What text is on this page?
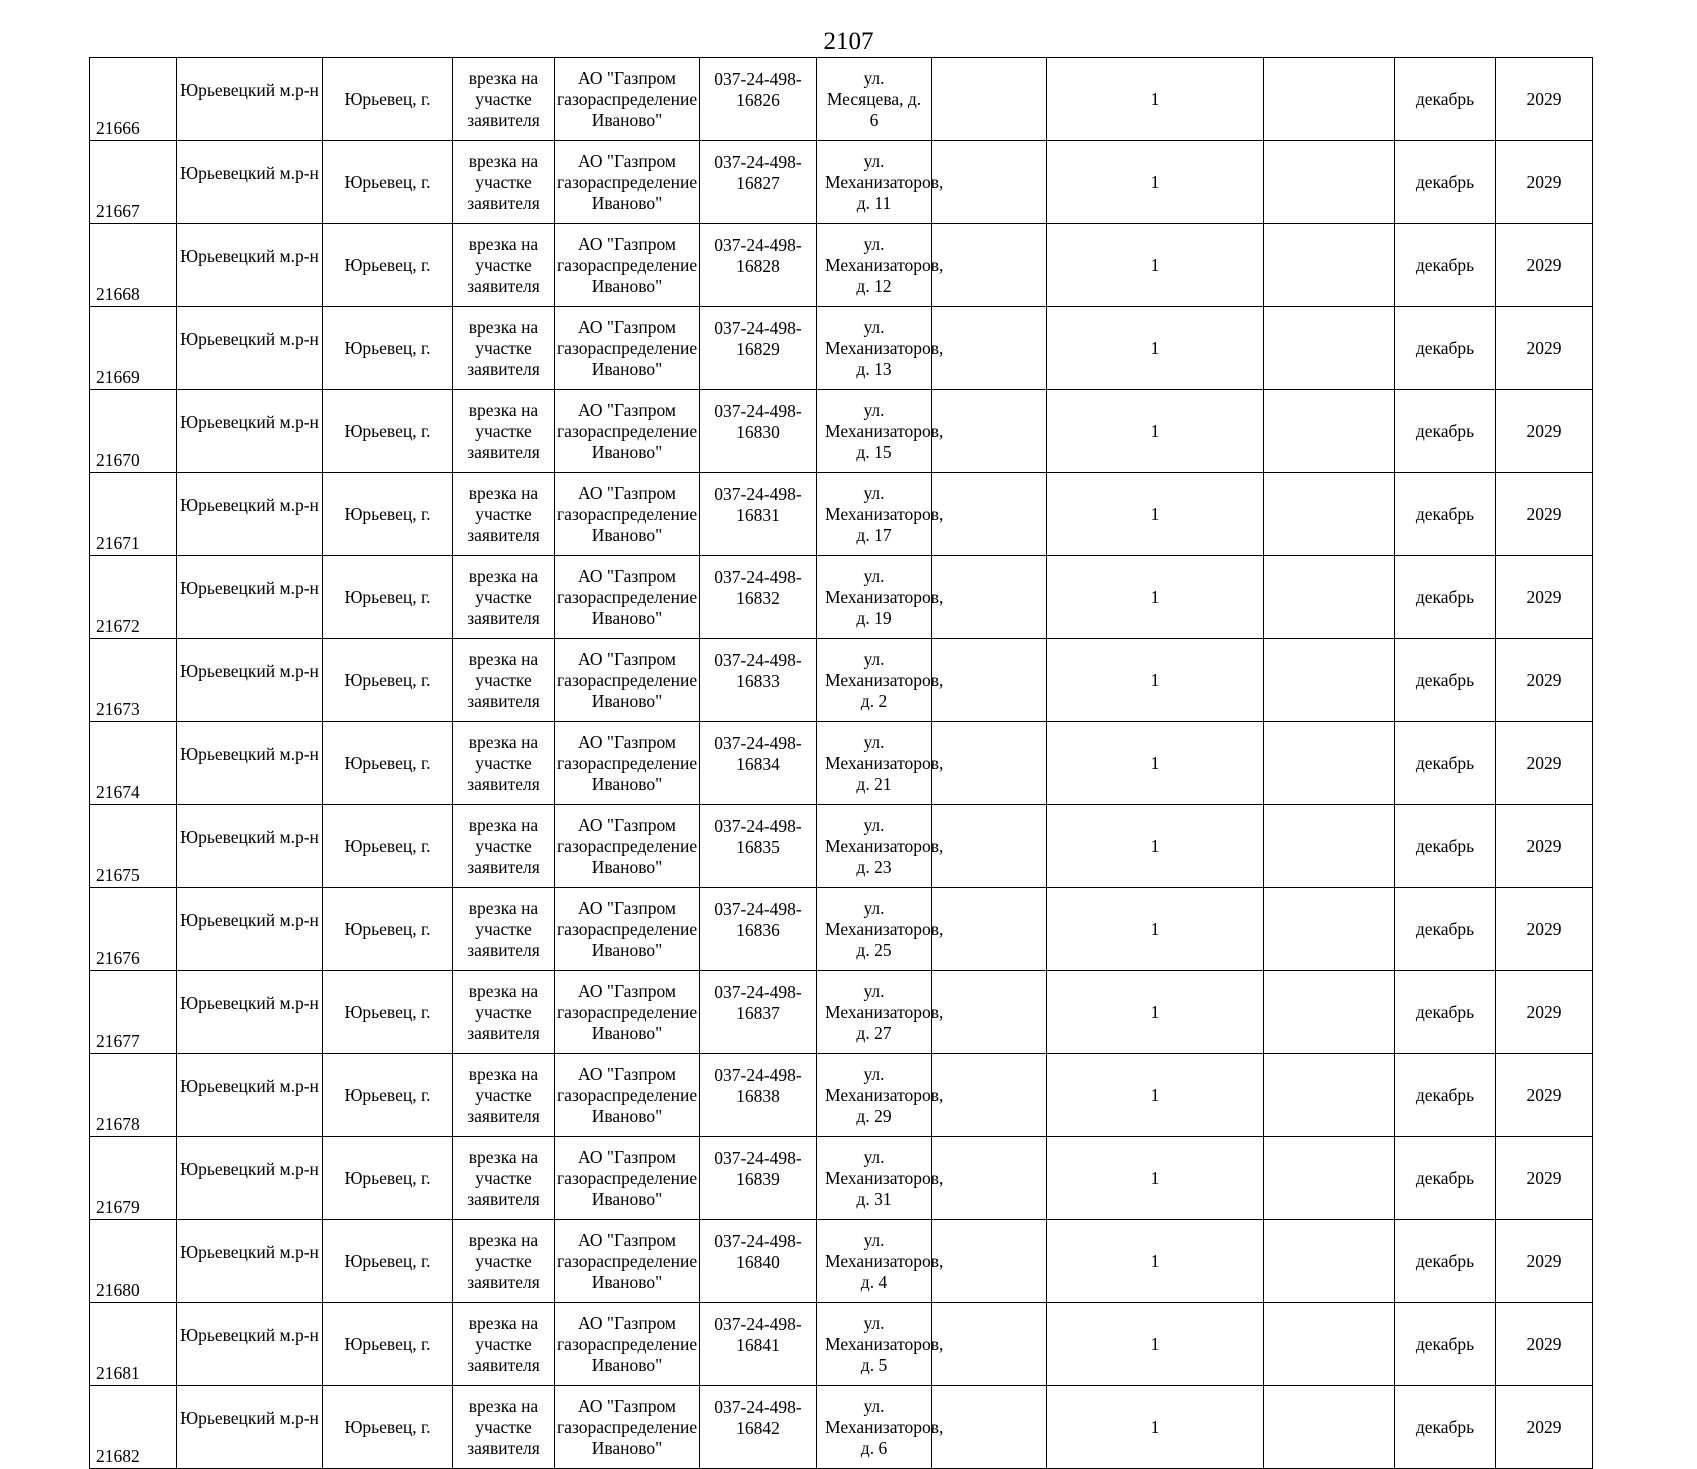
2107
21666	Юрьевецкий м.р-н	Юрьевец, г.	врезка на участке заявителя	АО "Газпром газораспределение Иваново"	037-24-498-16826	ул. Месяцева, д. 6		1		декабрь	2029

21667	Юрьевецкий м.р-н	Юрьевец, г.	врезка на участке заявителя	АО "Газпром газораспределение Иваново"	037-24-498-16827	ул. Механизаторов, д. 11		1		декабрь	2029

21668	Юрьевецкий м.р-н	Юрьевец, г.	врезка на участке заявителя	АО "Газпром газораспределение Иваново"	037-24-498-16828	ул. Механизаторов, д. 12		1		декабрь	2029

21669	Юрьевецкий м.р-н	Юрьевец, г.	врезка на участке заявителя	АО "Газпром газораспределение Иваново"	037-24-498-16829	ул. Механизаторов, д. 13		1		декабрь	2029

21670	Юрьевецкий м.р-н	Юрьевец, г.	врезка на участке заявителя	АО "Газпром газораспределение Иваново"	037-24-498-16830	ул. Механизаторов, д. 15		1		декабрь	2029

21671	Юрьевецкий м.р-н	Юрьевец, г.	врезка на участке заявителя	АО "Газпром газораспределение Иваново"	037-24-498-16831	ул. Механизаторов, д. 17		1		декабрь	2029

21672	Юрьевецкий м.р-н	Юрьевец, г.	врезка на участке заявителя	АО "Газпром газораспределение Иваново"	037-24-498-16832	ул. Механизаторов, д. 19		1		декабрь	2029

21673	Юрьевецкий м.р-н	Юрьевец, г.	врезка на участке заявителя	АО "Газпром газораспределение Иваново"	037-24-498-16833	ул. Механизаторов, д. 2		1		декабрь	2029

21674	Юрьевецкий м.р-н	Юрьевец, г.	врезка на участке заявителя	АО "Газпром газораспределение Иваново"	037-24-498-16834	ул. Механизаторов, д. 21		1		декабрь	2029

21675	Юрьевецкий м.р-н	Юрьевец, г.	врезка на участке заявителя	АО "Газпром газораспределение Иваново"	037-24-498-16835	ул. Механизаторов, д. 23		1		декабрь	2029

21676	Юрьевецкий м.р-н	Юрьевец, г.	врезка на участке заявителя	АО "Газпром газораспределение Иваново"	037-24-498-16836	ул. Механизаторов, д. 25		1		декабрь	2029

21677	Юрьевецкий м.р-н	Юрьевец, г.	врезка на участке заявителя	АО "Газпром газораспределение Иваново"	037-24-498-16837	ул. Механизаторов, д. 27		1		декабрь	2029

21678	Юрьевецкий м.р-н	Юрьевец, г.	врезка на участке заявителя	АО "Газпром газораспределение Иваново"	037-24-498-16838	ул. Механизаторов, д. 29		1		декабрь	2029

21679	Юрьевецкий м.р-н	Юрьевец, г.	врезка на участке заявителя	АО "Газпром газораспределение Иваново"	037-24-498-16839	ул. Механизаторов, д. 31		1		декабрь	2029

21680	Юрьевецкий м.р-н	Юрьевец, г.	врезка на участке заявителя	АО "Газпром газораспределение Иваново"	037-24-498-16840	ул. Механизаторов, д. 4		1		декабрь	2029

21681	Юрьевецкий м.р-н	Юрьевец, г.	врезка на участке заявителя	АО "Газпром газораспределение Иваново"	037-24-498-16841	ул. Механизаторов, д. 5		1		декабрь	2029

21682	Юрьевецкий м.р-н	Юрьевец, г.	врезка на участке заявителя	АО "Газпром газораспределение Иваново"	037-24-498-16842	ул. Механизаторов, д. 6		1		декабрь	2029
